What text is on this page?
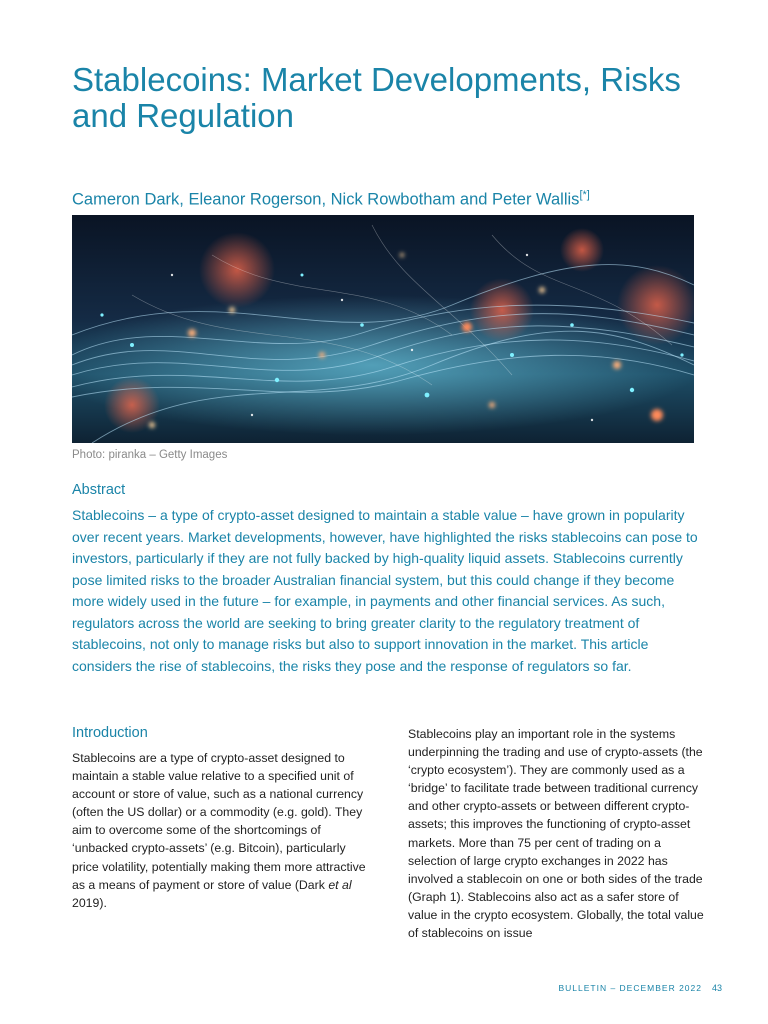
Stablecoins: Market Developments, Risks and Regulation
Cameron Dark, Eleanor Rogerson, Nick Rowbotham and Peter Wallis[*]
Photo: piranka – Getty Images
Abstract

Stablecoins – a type of crypto-asset designed to maintain a stable value – have grown in popularity over recent years. Market developments, however, have highlighted the risks stablecoins can pose to investors, particularly if they are not fully backed by high-quality liquid assets. Stablecoins currently pose limited risks to the broader Australian financial system, but this could change if they become more widely used in the future – for example, in payments and other financial services. As such, regulators across the world are seeking to bring greater clarity to the regulatory treatment of stablecoins, not only to manage risks but also to support innovation in the market. This article considers the rise of stablecoins, the risks they pose and the response of regulators so far.

Introduction

Stablecoins are a type of crypto-asset designed to maintain a stable value relative to a specified unit of account or store of value, such as a national currency (often the US dollar) or a commodity (e.g. gold). They aim to overcome some of the shortcomings of ‘unbacked crypto-assets’ (e.g. Bitcoin), particularly price volatility, potentially making them more attractive as a means of payment or store of value (Dark et al 2019).

Stablecoins play an important role in the systems underpinning the trading and use of crypto-assets (the ‘crypto ecosystem’). They are commonly used as a ‘bridge’ to facilitate trade between traditional currency and other crypto-assets or between different crypto-assets; this improves the functioning of crypto-asset markets. More than 75 per cent of trading on a selection of large crypto exchanges in 2022 has involved a stablecoin on one or both sides of the trade (Graph 1). Stablecoins also act as a safer store of value in the crypto ecosystem. Globally, the total value of stablecoins on issue

BULLETIN – DECEMBER 2022 43
